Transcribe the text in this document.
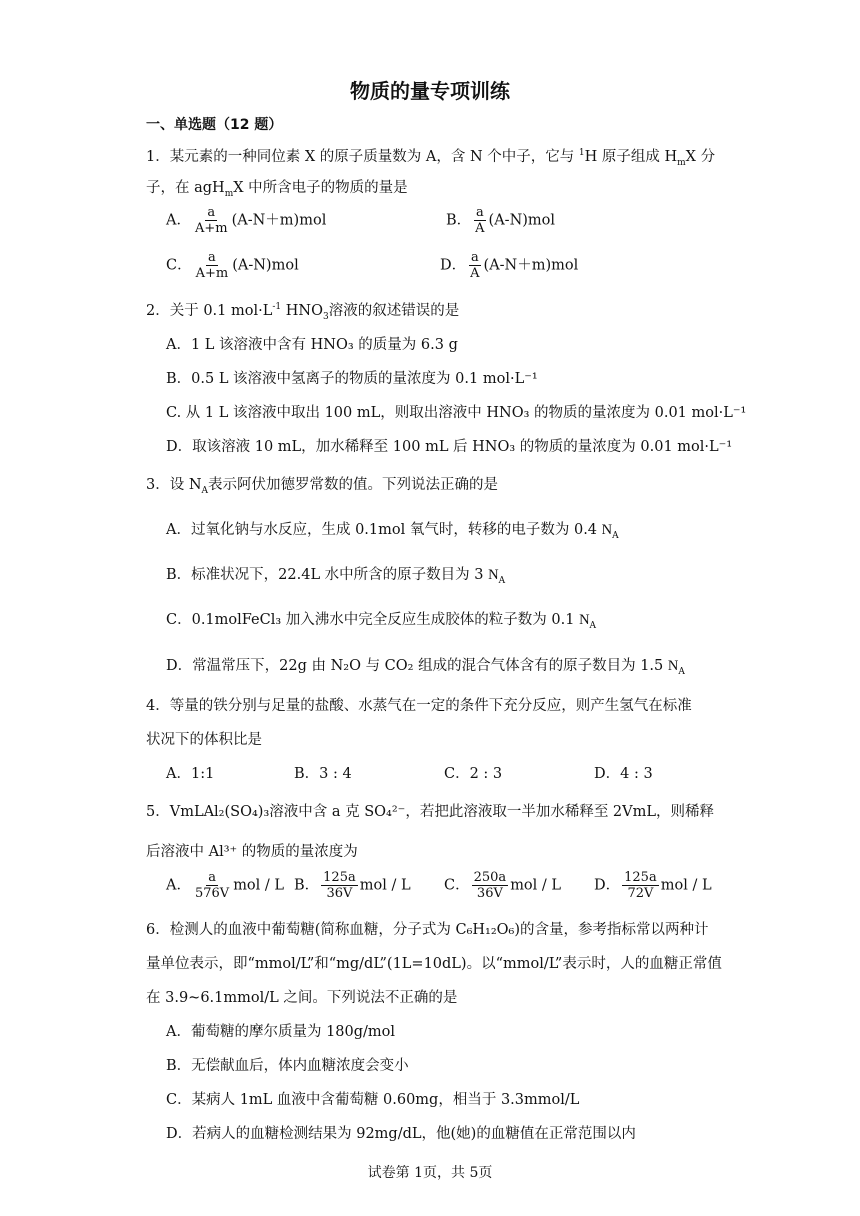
物质的量专项训练
一、单选题（12 题）
1．某元素的一种同位素 X 的原子质量数为 A，含 N 个中子，它与 $^1$H 原子组成 $H_mX$ 分
子，在 agH$_m$X 中所含电子的物质的量是
A． $\frac{a}{A+m} (A-N+m)mol$	B． $\frac{a}{A} (A-N)mol$
C． $\frac{a}{A+m} (A-N)mol$	D． $\frac{a}{A} (A-N+m)mol$
2．关于 0.1 $mol\cdot L^{-1}$ $HNO_3$溶液的叙述错误的是
A．1 L 该溶液中含有 HNO₃ 的质量为 6.3 g
B．0.5 L 该溶液中氢离子的物质的量浓度为 0.1 mol·L⁻¹
C. 从 1 L 该溶液中取出 100 mL，则取出溶液中 HNO₃ 的物质的量浓度为 0.01 mol·L⁻¹
D．取该溶液 10 mL，加水稀释至 100 mL 后 HNO₃ 的物质的量浓度为 0.01 mol·L⁻¹
3．设 $N_A$表示阿伏加德罗常数的值。下列说法正确的是
A．过氧化钠与水反应，生成 0.1mol 氧气时，转移的电子数为 0.4 $N_A$
B．标准状况下，22.4L 水中所含的原子数目为 3 $N_A$
C．0.1molFeCl₃ 加入沸水中完全反应生成胶体的粒子数为 0.1 $N_A$
D．常温常压下，22g 由 N₂O 与 CO₂ 组成的混合气体含有的原子数目为 1.5 $N_A$
4．等量的铁分别与足量的盐酸、水蒸气在一定的条件下充分反应，则产生氢气在标准
状况下的体积比是
A．1:1	B．3 : 4	C．2 : 3	D．4 : 3
5．VmLAl₂(SO₄)₃溶液中含 a 克 SO₄²⁻，若把此溶液取一半加水稀释至 2VmL，则稀释
后溶液中 Al³⁺ 的物质的量浓度为
A． $\frac{a}{576V}$ mol / L B． $\frac{125a}{36V}$ mol / L C． $\frac{250a}{36V}$ mol / L D． $\frac{125a}{72V}$ mol / L
6．检测人的血液中葡萄糖(简称血糖，分子式为 C₆H₁₂O₆)的含量，参考指标常以两种计
量单位表示，即“mmol/L”和“mg/dL”(1L=10dL)。以“mmol/L”表示时，人的血糖正常值
在 3.9~6.1mmol/L 之间。下列说法不正确的是
A．葡萄糖的摩尔质量为 180g/mol
B．无偿献血后，体内血糖浓度会变小
C．某病人 1mL 血液中含葡萄糖 0.60mg，相当于 3.3mmol/L
D．若病人的血糖检测结果为 92mg/dL，他(她)的血糖值在正常范围以内
试卷第 1页，共 5页
